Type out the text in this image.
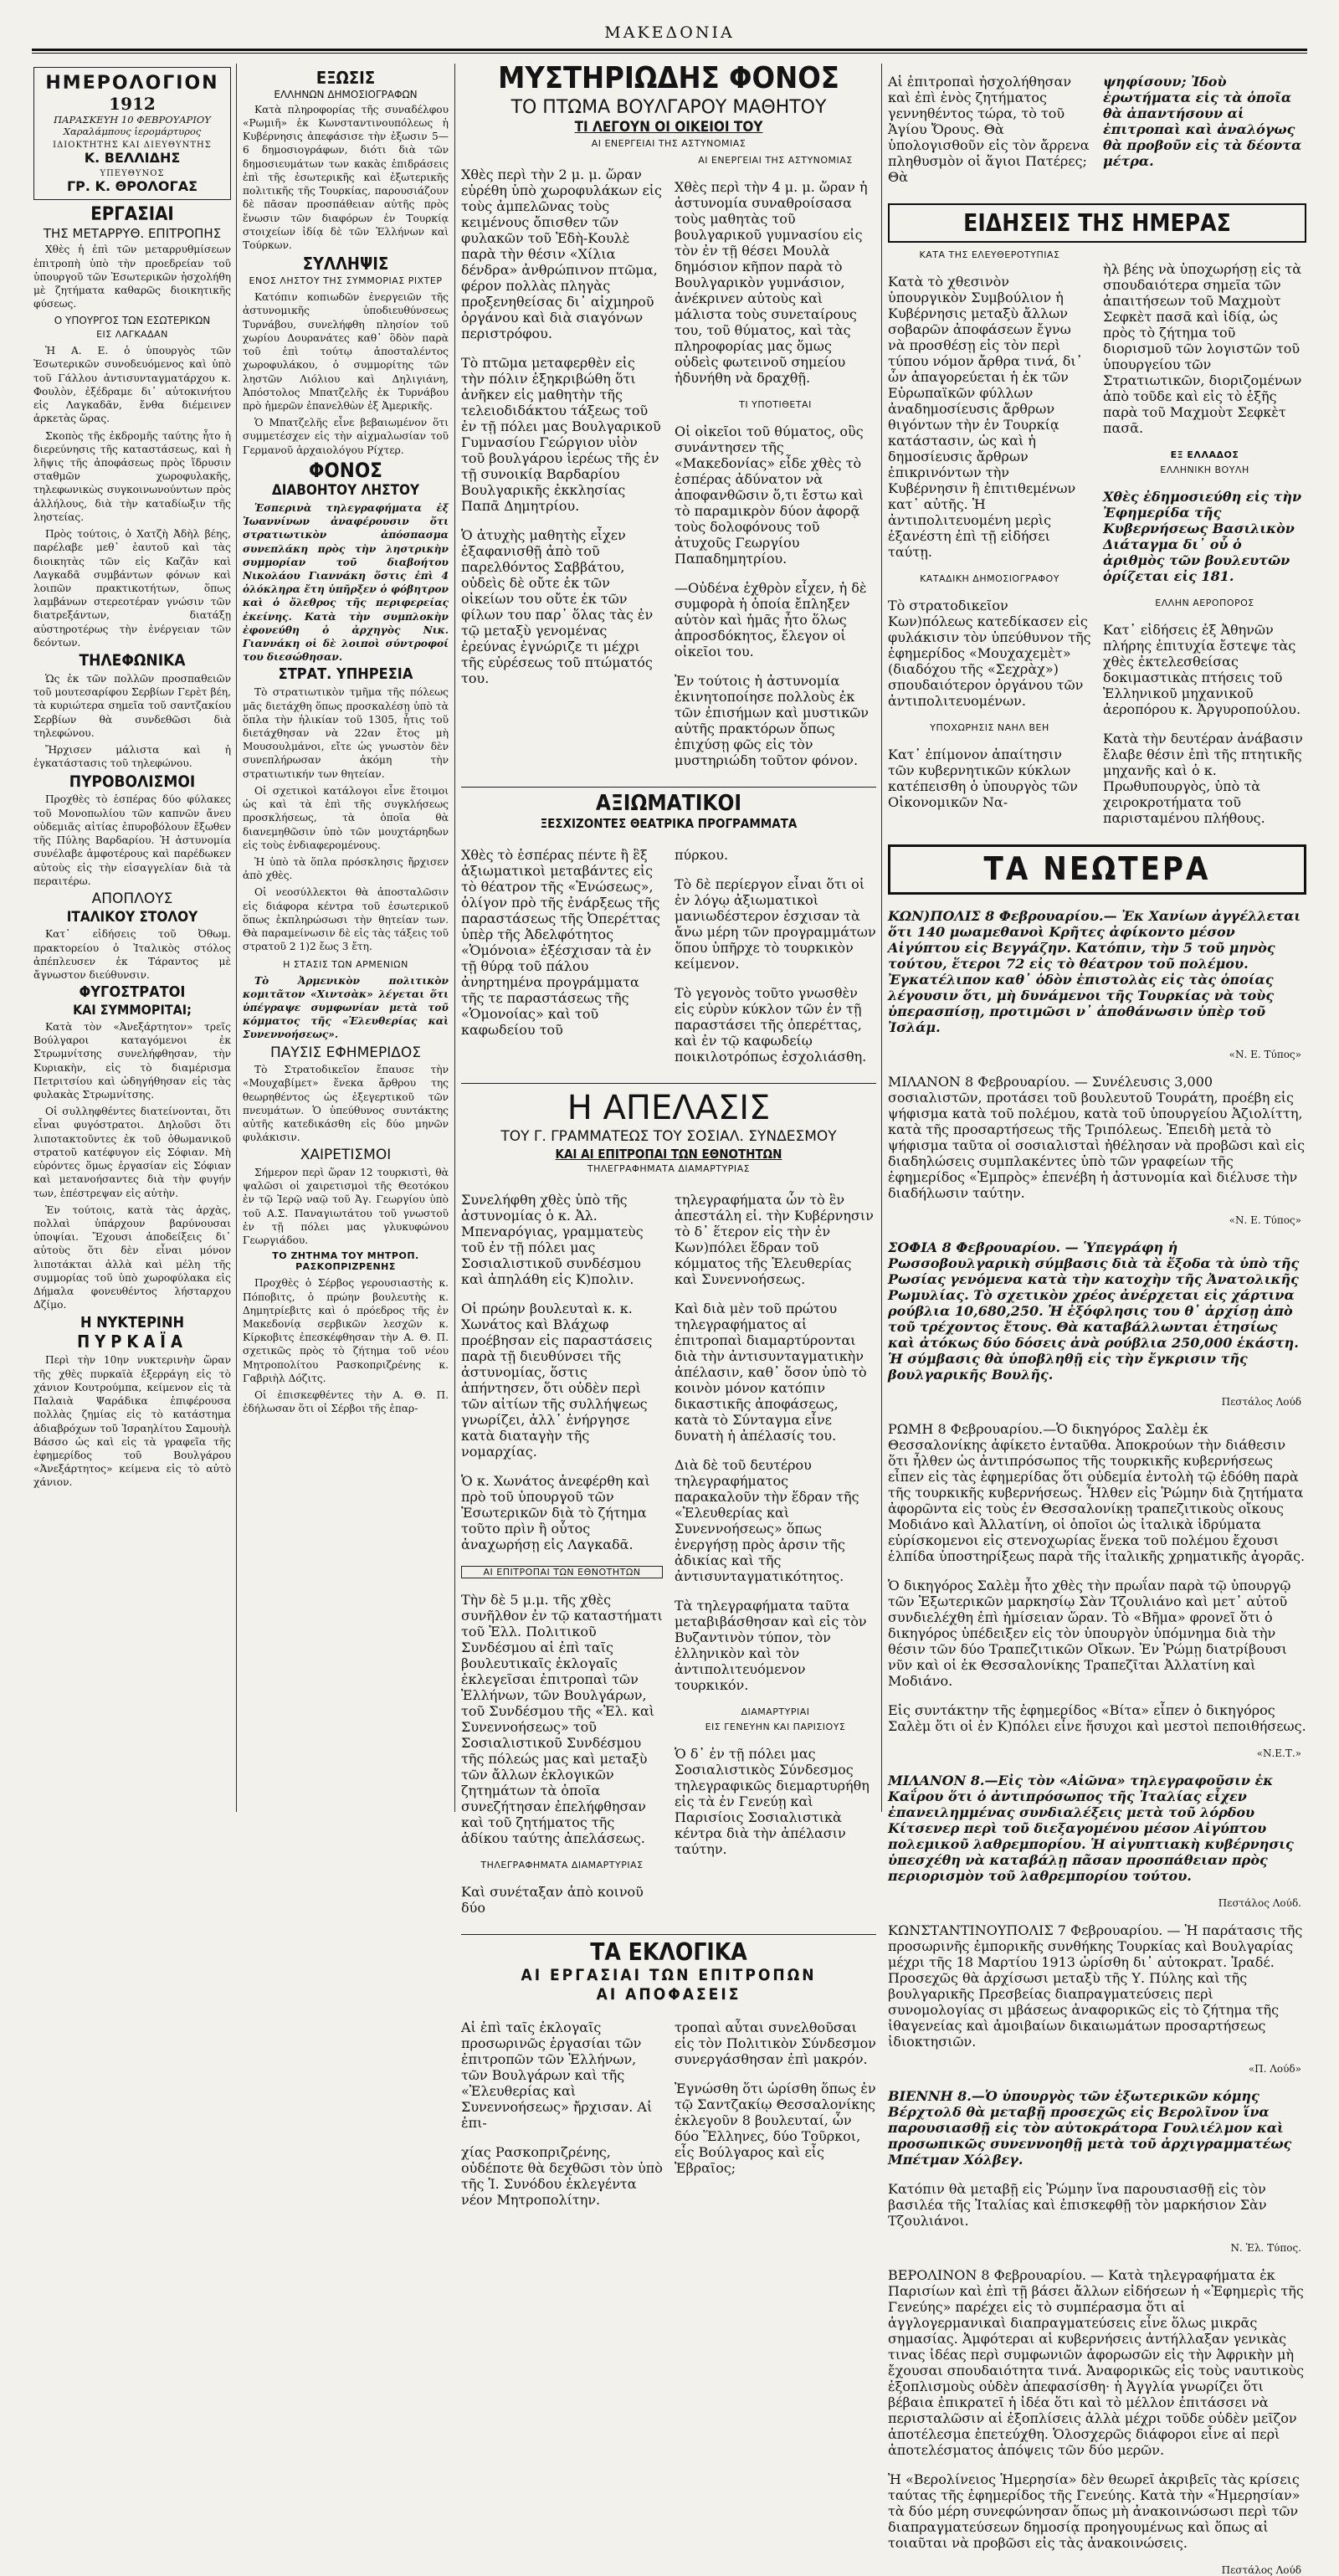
ΜΑΚΕΔΟΝΙΑ
ΗΜΕΡΟΛΟΓΙΟΝ
1912
ΠΑΡΑΣΚΕΥΗ 10 ΦΕΒΡΟΥΑΡΙΟΥ
Χαραλάμπους ἱερομάρτυρος
ΙΔΙΟΚΤΗΤΗΣ ΚΑΙ ΔΙΕΥΘΥΝΤΗΣ
Κ. ΒΕΛΛΙΔΗΣ
ΥΠΕΥΘΥΝΟΣ
ΓΡ. Κ. ΘΡΟΛΟΓΑΣ
ΕΡΓΑΣΙΑΙ
ΤΗΣ ΜΕΤΑΡΡΥΘ. ΕΠΙΤΡΟΠΗΣ

Χθὲς ἡ ἐπὶ τῶν μεταρρυθμίσεων ἐπιτροπὴ ὑπὸ τὴν προεδρείαν τοῦ ὑπουργοῦ τῶν Ἐσωτερικῶν ἠσχολήθη μὲ ζητήματα καθαρῶς διοικητικῆς φύσεως.

Ο ΥΠΟΥΡΓΟΣ ΤΩΝ ΕΣΩΤΕΡΙΚΩΝ
ΕΙΣ ΛΑΓΚΑΔΑΝ

Ἡ Α. Ε. ὁ ὑπουργὸς τῶν Ἐσωτερικῶν συνοδευόμενος καὶ ὑπὸ τοῦ Γάλλου ἀντισυνταγματάρχου κ. Φουλὸν, ἐξέδραμε δι᾽ αὐτοκινήτου εἰς Λαγκαδᾶν, ἔνθα διέμεινεν ἀρκετὰς ὥρας.

Σκοπὸς τῆς ἐκδρομῆς ταύτης ἦτο ἡ διερεύνησις τῆς καταστάσεως, καὶ ἡ λῆψις τῆς ἀποφάσεως πρὸς ἵδρυσιν σταθμῶν χωροφυλακῆς, τηλεφωνικὼς συγκοινωνούντων πρὸς ἀλλήλους, διὰ τὴν καταδίωξιν τῆς ληστείας.

Πρὸς τούτοις, ὁ Χατζὴ Ἀδὴλ βέης, παρέλαβε μεθ᾽ ἑαυτοῦ καὶ τὰς διοικητὰς τῶν εἰς Καζᾶν καὶ Λαγκαδᾶ συμβάντων φόνων καὶ λοιπῶν πρακτικοτήτων, ὅπως λαμβάνων στερεοτέραν γνώσιν τῶν διατρεξάντων, διατάξῃ αὐστηροτέρως τὴν ἐνέργειαν τῶν δεόντων.

ΤΗΛΕΦΩΝΙΚΑ

Ὡς ἐκ τῶν πολλῶν προσπαθειῶν τοῦ μουτεσαρίφου Σερβίων Γερὲτ βέη, τὰ κυριώτερα σημεῖα τοῦ σαντζακίου Σερβίων θὰ συνδεθῶσι διὰ τηλεφώνου.

Ἤρχισεν μάλιστα καὶ ἡ ἐγκατάστασις τοῦ τηλεφώνου.

ΠΥΡΟΒΟΛΙΣΜΟΙ

Προχθὲς τὸ ἑσπέρας δύο φύλακες τοῦ Μονοπωλίου τῶν καπνῶν ἄνευ οὐδεμιᾶς αἰτίας ἐπυροβόλουν ἔξωθεν τῆς Πύλης Βαρδαρίου. Ἡ ἀστυνομία συνέλαβε ἀμφοτέρους καὶ παρέδωκεν αὐτοὺς εἰς τὴν εἰσαγγελίαν διὰ τὰ περαιτέρω.

ΑΠΟΠΛΟΥΣ
ΙΤΑΛΙΚΟΥ ΣΤΟΛΟΥ

Κατ᾽ εἰδήσεις τοῦ Ὀθωμ. πρακτορείου ὁ Ἰταλικὸς στόλος ἀπέπλευσεν ἐκ Τάραντος μὲ ἄγνωστον διεύθυνσιν.

ΦΥΓΟΣΤΡΑΤΟΙ
ΚΑΙ ΣΥΜΜΟΡΙΤΑΙ;

Κατὰ τὸν «Ἀνεξάρτητον» τρεῖς Βούλγαροι καταγόμενοι ἐκ Στρωμνίτσης συνελήφθησαν, τὴν Κυριακὴν, εἰς τὸ διαμέρισμα Πετριτσίου καὶ ὡδηγήθησαν εἰς τὰς φυλακὰς Στρωμνίτσης.

Οἱ συλληφθέντες διατείνονται, ὅτι εἶναι φυγόστρατοι. Δηλοῦσι ὅτι λιποτακτοῦντες ἐκ τοῦ ὀθωμανικοῦ στρατοῦ κατέφυγον εἰς Σόφιαν. Μὴ εὑρόντες ὅμως ἐργασίαν εἰς Σόφιαν καὶ μετανοήσαντες διὰ τὴν φυγήν των, ἐπέστρεψαν εἰς αὐτὴν.

Ἐν τούτοις, κατὰ τὰς ἀρχὰς, πολλαὶ ὑπάρχουν βαρύνουσαι ὑποψίαι. Ἔχουσι ἀποδείξεις δι᾽ αὐτοὺς ὅτι δὲν εἶναι μόνον λιποτάκται ἀλλὰ καὶ μέλη τῆς συμμορίας τοῦ ὑπὸ χωροφύλακα εἰς Δήμαλα φονευθέντος λήσταρχου Δζίμο.

Η ΝΥΚΤΕΡΙΝΗ
ΠΥΡΚΑΪΑ

Περὶ τὴν 10ην νυκτερινὴν ὥραν τῆς χθὲς πυρκαϊὰ ἐξερράγη εἰς τὸ χάνιον Κουτρούμπα, κείμενον εἰς τὰ Παλαιὰ Ψαράδικα ἐπιφέρουσα πολλὰς ζημίας εἰς τὸ κατάστημα ἀδιαβρόχων τοῦ Ἰσραηλίτου Σαμουὴλ Βάσσο ὡς καὶ εἰς τὰ γραφεῖα τῆς ἐφημερίδος τοῦ Βουλγάρου «Ἀνεξάρτητος» κείμενα εἰς τὸ αὐτὸ χάνιον.

ΕΞΩΣΙΣ
ΕΛΛΗΝΩΝ ΔΗΜΟΣΙΟΓΡΑΦΩΝ

Κατὰ πληροφορίας τῆς συναδέλφου «Ρωμιῆ» ἐκ Κωνσταντινουπόλεως ἡ Κυβέρνησις ἀπεφάσισε τὴν ἐξωσιν 5—6 δημοσιογράφων, διότι διὰ τῶν δημοσιευμάτων των κακὰς ἐπιδράσεις ἐπὶ τῆς ἐσωτερικῆς καὶ ἐξωτερικῆς πολιτικῆς τῆς Τουρκίας, παρουσιάζουν δὲ πᾶσαν προσπάθειαν αὐτῆς πρὸς ἕνωσιν τῶν διαφόρων ἐν Τουρκίᾳ στοιχείων ἰδίᾳ δὲ τῶν Ἑλλήνων καὶ Τούρκων.

ΣΥΛΛΗΨΙΣ
ΕΝΟΣ ΛΗΣΤΟΥ ΤΗΣ ΣΥΜΜΟΡΙΑΣ ΡΙΧΤΕΡ

Κατόπιν κοπιωδῶν ἐνεργειῶν τῆς ἀστυνομικῆς ὑποδιευθύνσεως Τυρνάβου, συνελήφθη πλησίον τοῦ χωρίου Δουρανάτες καθ᾽ ὃδὸν παρὰ τοῦ ἐπὶ τούτῳ ἀποσταλέντος χωροφυλάκου, ὁ συμμορίτης τῶν ληστῶν Λιόλιου καὶ Δηλιγιάνη, Ἀπόστολος Μπατζελῆς ἐκ Τυρνάβου πρὸ ἡμερῶν ἐπανελθὼν ἐξ Ἀμερικῆς.

Ὁ Μπατζελῆς εἶνε βεβαιωμένον ὅτι συμμετέσχεν εἰς τὴν αἰχμαλωσίαν τοῦ Γερμανοῦ ἀρχαιολόγου Ρίχτερ.

ΦΟΝΟΣ
ΔΙΑΒΟΗΤΟΥ ΛΗΣΤΟΥ

Ἑσπερινὰ τηλεγραφήματα ἐξ Ἰωαννίνων ἀναφέρουσιν ὅτι στρατιωτικὸν ἀπόσπασμα συνεπλάκη πρὸς τὴν ληστρικὴν συμμορίαν τοῦ διαβοήτου Νικολάου Γιαννάκη ὅστις ἐπὶ 4 ὁλόκληρα ἔτη ὑπῆρξεν ὁ φόβητρον καὶ ὁ ὄλεθρος τῆς περιφερείας ἐκείνης. Κατὰ τὴν συμπλοκὴν ἐφονεύθη ὁ ἀρχηγὸς Νικ. Γιαννάκη οἱ δὲ λοιποὶ σύντροφοί του διεσώθησαν.

ΣΤΡΑΤ. ΥΠΗΡΕΣΙΑ

Τὸ στρατιωτικὸν τμῆμα τῆς πόλεως μᾶς διετάχθη ὅπως προσκαλέσῃ ὑπὸ τὰ ὅπλα τὴν ἡλικίαν τοῦ 1305, ἧτις τοῦ διετάχθησαν νὰ 22αν ἔτος μὴ Μουσουλμάνοι, εἴτε ὡς γνωστὸν δὲν συνεπλήρωσαν ἀκόμη τὴν στρατιωτικήν των θητείαν.

Οἱ σχετικοὶ κατάλογοι εἶνε ἕτοιμοι ὡς καὶ τὰ ἐπὶ τῆς συγκλήσεως προσκλήσεως, τὰ ὁποῖα θὰ διανεμηθῶσιν ὑπὸ τῶν μουχτάρηδων εἰς τοὺς ἐνδιαφερομένους.

Ἡ ὑπὸ τὰ ὅπλα πρόσκλησις ἤρχισεν ἀπὸ χθὲς.

Οἱ νεοσύλλεκτοι θὰ ἀποσταλῶσιν εἰς διάφορα κέντρα τοῦ ἐσωτερικοῦ ὅπως ἐκπληρώσωσι τὴν θητείαν των. Θὰ παραμείνωσιν δὲ εἰς τὰς τάξεις τοῦ στρατοῦ 2 1)2 ἔως 3 ἔτη.

Η ΣΤΑΣΙΣ ΤΩΝ ΑΡΜΕΝΙΩΝ

Τὸ Ἀρμενικὸν πολιτικὸν κομιτᾶτον «Χιντσὰκ» λέγεται ὅτι ὑπέγραψε συμφωνίαν μετὰ τοῦ κόμματος τῆς «Ἐλευθερίας καὶ Συνεννοήσεως».

ΠΑΥΣΙΣ ΕΦΗΜΕΡΙΔΟΣ

Τὸ Στρατοδικεῖον ἔπαυσε τὴν «Μουχαβίμετ» ἕνεκα ἄρθρου της θεωρηθέντος ὡς ἐξεγερτικοῦ τῶν πνευμάτων. Ὁ ὑπεύθυνος συντάκτης αὐτῆς κατεδικάσθη εἰς δύο μηνῶν φυλάκισιν.

ΧΑΙΡΕΤΙΣΜΟΙ

Σήμερον περὶ ὥραν 12 τουρκιστὶ, θὰ ψαλῶσι οἱ χαιρετισμοὶ τῆς Θεοτόκου ἐν τῷ Ἱερῷ ναῷ τοῦ Ἀγ. Γεωργίου ὑπὸ τοῦ Α.Σ. Παναγιωτάτου τοῦ γνωστοῦ ἐν τῇ πόλει μας γλυκυφώνου Γεωργιάδου.

ΤΟ ΖΗΤΗΜΑ ΤΟΥ ΜΗΤΡΟΠ. ΡΑΣΚΟΠΡΙΖΡΕΝΗΣ

Προχθὲς ὁ Σέρβος γερουσιαστὴς κ. Πόποβιτς, ὁ πρώην βουλευτὴς κ. Δημητρίεβιτς καὶ ὁ πρόεδρος τῆς ἐν Μακεδονίᾳ σερβικῶν λεσχῶν κ. Κίρκοβιτς ἐπεσκέφθησαν τὴν Α. Θ. Π. σχετικῶς πρὸς τὸ ζήτημα τοῦ νέου Μητροπολίτου Ρασκοπριζρένης κ. Γαβριὴλ Δόζιτς.

Οἱ ἐπισκεφθέντες τὴν Α. Θ. Π. ἐδήλωσαν ὅτι οἱ Σέρβοι τῆς ἐπαρ-

ΜΥΣΤΗΡΙΩΔΗΣ ΦΟΝΟΣ
ΤΟ ΠΤΩΜΑ ΒΟΥΛΓΑΡΟΥ ΜΑΘΗΤΟΥ
ΤΙ ΛΕΓΟΥΝ ΟΙ ΟΙΚΕΙΟΙ ΤΟΥ
ΑΙ ΕΝΕΡΓΕΙΑΙ ΤΗΣ ΑΣΤΥΝΟΜΙΑΣ

Χθὲς περὶ τὴν 2 μ. μ. ὥραν εὑρέθη ὑπὸ χωροφυλάκων εἰς τοὺς ἀμπελῶνας τοὺς κειμένους ὄπισθεν τῶν φυλακῶν τοῦ Ἐδὴ-Κουλὲ παρὰ τὴν θέσιν «Χίλια δένδρα» ἀνθρώπινον πτῶμα, φέρον πολλὰς πληγὰς προξενηθείσας δι᾽ αἰχμηροῦ ὀργάνου καὶ διὰ σιαγόνων περιστρόφου.

Τὸ πτῶμα μεταφερθὲν εἰς τὴν πόλιν ἐξηκριβώθη ὅτι ἀνῆκεν εἰς μαθητὴν τῆς τελειοδιδάκτου τάξεως τοῦ ἐν τῇ πόλει μας Βουλγαρικοῦ Γυμνασίου Γεώργιον υἱὸν τοῦ βουλγάρου ἱερέως τῆς ἐν τῇ συνοικίᾳ Βαρδαρίου Βουλγαρικῆς ἐκκλησίας Παπᾶ Δημητρίου.

Ὁ ἀτυχὴς μαθητὴς εἶχεν ἐξαφανισθῇ ἀπὸ τοῦ παρελθόντος Σαββάτου, οὐδεὶς δὲ οὔτε ἐκ τῶν οἰκείων του οὔτε ἐκ τῶν φίλων του παρ᾽ ὅλας τὰς ἐν τῷ μεταξὺ γενομένας ἐρεύνας ἐγνώριζε τι μέχρι τῆς εὑρέσεως τοῦ πτώματός του.

ΑΙ ΕΝΕΡΓΕΙΑΙ ΤΗΣ ΑΣΤΥΝΟΜΙΑΣ

Χθὲς περὶ τὴν 4 μ. μ. ὥραν ἡ ἀστυνομία συναθροίσασα τοὺς μαθητὰς τοῦ βουλγαρικοῦ γυμνασίου εἰς τὸν ἐν τῇ θέσει Μουλὰ δημόσιον κῆπον παρὰ τὸ Βουλγαρικὸν γυμνάσιον, ἀνέκρινεν αὐτοὺς καὶ μάλιστα τοὺς συνεταίρους του, τοῦ θύματος, καὶ τὰς πληροφορίας μας ὅμως οὐδεὶς φωτεινοῦ σημείου ἠδυνήθη νὰ δραχθῇ.

ΤΙ ΥΠΟΤΙΘΕΤΑΙ

Οἱ οἰκεῖοι τοῦ θύματος, οὓς συνάντησεν τῆς «Μακεδονίας» εἶδε χθὲς τὸ ἑσπέρας ἀδύνατον νὰ ἀποφανθῶσιν ὅ,τι ἔστω καὶ τὸ παραμικρὸν δύον ἀφορᾷ τοὺς δολοφόνους τοῦ ἀτυχοῦς Γεωργίου Παπαδημητρίου.

—Οὐδένα ἐχθρὸν εἶχεν, ἡ δὲ συμφορὰ ἡ ὁποία ἔπληξεν αὐτὸν καὶ ἡμᾶς ἦτο ὅλως ἀπροσδόκητος, ἔλεγον οἱ οἰκεῖοι του.

Ἐν τούτοις ἡ ἀστυνομία ἐκινητοποίησε πολλοὺς ἐκ τῶν ἐπισήμων καὶ μυστικῶν αὐτῆς πρακτόρων ὅπως ἐπιχύσῃ φῶς εἰς τὸν μυστηριώδη τοῦτον φόνον.

ΑΞΙΩΜΑΤΙΚΟΙ
ΞΕΣΧΙΖΟΝΤΕΣ ΘΕΑΤΡΙΚΑ ΠΡΟΓΡΑΜΜΑΤΑ

Χθὲς τὸ ἑσπέρας πέντε ἢ ἓξ ἀξιωματικοὶ μεταβάντες εἰς τὸ θέατρον τῆς «Ἑνώσεως», ὀλίγον πρὸ τῆς ἐνάρξεως τῆς παραστάσεως τῆς Ὀπερέττας ὑπὲρ τῆς Ἀδελφότητος «Ὁμόνοια» ἐξέσχισαν τὰ ἐν τῇ θύρᾳ τοῦ πάλου ἀνηρτημένα προγράμματα τῆς τε παραστάσεως τῆς «Ὁμονοίας» καὶ τοῦ καφωδείου τοῦ

πύρκου.

Τὸ δὲ περίεργον εἶναι ὅτι οἱ ἐν λόγῳ ἀξιωματικοὶ μανιωδέστερον ἐσχισαν τὰ ἄνω μέρη τῶν προγραμμάτων ὅπου ὑπῆρχε τὸ τουρκικὸν κείμενον.

Τὸ γεγονὸς τοῦτο γνωσθὲν εἰς εὐρὺν κύκλον τῶν ἐν τῇ παραστάσει τῆς ὀπερέττας, καὶ ἐν τῷ καφωδείῳ ποικιλοτρόπως ἐσχολιάσθη.

Η ΑΠΕΛΑΣΙΣ
ΤΟΥ Γ. ΓΡΑΜΜΑΤΕΩΣ ΤΟΥ ΣΟΣΙΑΛ. ΣΥΝΔΕΣΜΟΥ
ΚΑΙ ΑΙ ΕΠΙΤΡΟΠΑΙ ΤΩΝ ΕΘΝΟΤΗΤΩΝ
ΤΗΛΕΓΡΑΦΗΜΑΤΑ ΔΙΑΜΑΡΤΥΡΙΑΣ

Συνελήφθη χθὲς ὑπὸ τῆς ἀστυνομίας ὁ κ. Ἀλ. Μπεναρόγιας, γραμματεὺς τοῦ ἐν τῇ πόλει μας Σοσιαλιστικοῦ συνδέσμου καὶ ἀπηλάθη εἰς Κ)πολιν.

Οἱ πρώην βουλευταὶ κ. κ. Χωνάτος καὶ Βλάχωφ προέβησαν εἰς παραστάσεις παρὰ τῇ διευθύνσει τῆς ἀστυνομίας, ὅστις ἀπήντησεν, ὅτι οὐδὲν περὶ τῶν αἰτίων τῆς συλλήψεως γνωρίζει, ἀλλ᾽ ἐνήργησε κατὰ διαταγὴν τῆς νομαρχίας.

Ὁ κ. Χωνάτος ἀνεφέρθη καὶ πρὸ τοῦ ὑπουργοῦ τῶν Ἐσωτερικῶν διὰ τὸ ζήτημα τοῦτο πρὶν ἢ οὗτος ἀναχωρήσῃ εἰς Λαγκαδᾶ.

ΑΙ ΕΠΙΤΡΟΠΑΙ ΤΩΝ ΕΘΝΟΤΗΤΩΝ

Τὴν δὲ 5 μ.μ. τῆς χθὲς συνῆλθον ἐν τῷ καταστήματι τοῦ Ἑλλ. Πολιτικοῦ Συνδέσμου αἱ ἐπὶ ταῖς βουλευτικαῖς ἐκλογαῖς ἐκλεγεῖσαι ἐπιτροπαὶ τῶν Ἑλλήνων, τῶν Βουλγάρων, τοῦ Συνδέσμου τῆς «Ἐλ. καὶ Συνεννοήσεως» τοῦ Σοσιαλιστικοῦ Συνδέσμου τῆς πόλεώς μας καὶ μεταξὺ τῶν ἄλλων ἐκλογικῶν ζητημάτων τὰ ὁποῖα συνεζήτησαν ἐπελήφθησαν καὶ τοῦ ζητήματος τῆς ἀδίκου ταύτης ἀπελάσεως.

ΤΗΛΕΓΡΑΦΗΜΑΤΑ ΔΙΑΜΑΡΤΥΡΙΑΣ

Καὶ συνέταξαν ἀπὸ κοινοῦ δύο

τηλεγραφήματα ὧν τὸ ἓν ἀπεστάλη εἰ. τὴν Κυβέρνησιν τὸ δ᾽ ἕτερον εἰς τὴν ἐν Κων)πόλει ἕδραν τοῦ κόμματος τῆς Ἐλευθερίας καὶ Συνεννοήσεως.

Καὶ διὰ μὲν τοῦ πρώτου τηλεγραφήματος αἱ ἐπιτροπαὶ διαμαρτύρονται διὰ τὴν ἀντισυνταγματικὴν ἀπέλασιν, καθ᾽ ὅσον ὑπὸ τὸ κοινὸν μόνον κατόπιν δικαστικῆς ἀποφάσεως, κατὰ τὸ Σύνταγμα εἶνε δυνατὴ ἡ ἀπέλασίς του.

Διὰ δὲ τοῦ δευτέρου τηλεγραφήματος παρακαλοῦν τὴν ἕδραν τῆς «Ἐλευθερίας καὶ Συνεννοήσεως» ὅπως ἐνεργήσῃ πρὸς ἀρσιν τῆς ἀδικίας καὶ τῆς ἀντισυνταγματικότητος.

Τὰ τηλεγραφήματα ταῦτα μεταβιβάσθησαν καὶ εἰς τὸν Βυζαντινὸν τύπον, τὸν ἑλληνικὸν καὶ τὸν ἀντιπολιτευόμενον τουρκικόν.

ΔΙΑΜΑΡΤΥΡΙΑΙ
ΕΙΣ ΓΕΝΕΥΗΝ ΚΑΙ ΠΑΡΙΣΙΟΥΣ

Ὁ δ᾽ ἐν τῇ πόλει μας Σοσιαλιστικὸς Σύνδεσμος τηλεγραφικῶς διεμαρτυρήθη εἰς τὰ ἐν Γενεύῃ καὶ Παρισίοις Σοσιαλιστικὰ κέντρα διὰ τὴν ἀπέλασιν ταύτην.

ΤΑ ΕΚΛΟΓΙΚΑ
ΑΙ ΕΡΓΑΣΙΑΙ ΤΩΝ ΕΠΙΤΡΟΠΩΝ
ΑΙ ΑΠΟΦΑΣΕΙΣ

Αἱ ἐπὶ ταῖς ἐκλογαῖς προσωρινῶς ἐργασίαι τῶν ἐπιτροπῶν τῶν Ἑλλήνων, τῶν Βουλγάρων καὶ τῆς «Ἐλευθερίας καὶ Συνεννοήσεως» ἤρχισαν. Αἱ ἐπι-

χίας Ρασκοπριζρένης, οὐδέποτε θὰ δεχθῶσι τὸν ὑπὸ τῆς Ἱ. Συνόδου ἐκλεγέντα νέον Μητροπολίτην.

τροπαὶ αὗται συνελθοῦσαι εἰς τὸν Πολιτικὸν Σύνδεσμον συνεργάσθησαν ἐπὶ μακρόν.

Ἐγνώσθη ὅτι ὡρίσθη ὅπως ἐν τῷ Σαντζακίῳ Θεσσαλονίκης ἐκλεγοῦν 8 βουλευταί, ὧν δύο Ἕλληνες, δύο Τοῦρκοι, εἷς Βούλγαρος καὶ εἷς Ἑβραῖος;

Αἱ ἐπιτροπαὶ ἠσχολήθησαν καὶ ἐπὶ ἑνὸς ζητήματος γεννηθέντος τώρα, τὸ τοῦ Ἁγίου Ὄρους. Θὰ ὑπολογισθοῦν εἰς τὸν ἄρρενα πληθυσμὸν οἱ ἅγιοι Πατέρες; Θὰ

ψηφίσουν; Ἰδοὺ ἐρωτήματα εἰς τὰ ὁποῖα θὰ ἀπαντήσουν αἱ ἐπιτροπαὶ καὶ ἀναλόγως θὰ προβοῦν εἰς τὰ δέοντα μέτρα.

ΕΙΔΗΣΕΙΣ ΤΗΣ ΗΜΕΡΑΣ
ΚΑΤΑ ΤΗΣ ΕΛΕΥΘΕΡΟΤΥΠΙΑΣ

Κατὰ τὸ χθεσινὸν ὑπουργικὸν Συμβούλιον ἡ Κυβέρνησις μεταξὺ ἄλλων σοβαρῶν ἀποφάσεων ἔγνω νὰ προσθέσῃ εἰς τὸν περὶ τύπου νόμον ἄρθρα τινά, δι᾽ ὧν ἀπαγορεύεται ἡ ἐκ τῶν Εὐρωπαϊκῶν φύλλων ἀναδημοσίευσις ἄρθρων θιγόντων τὴν ἐν Τουρκίᾳ κατάστασιν, ὡς καὶ ἡ δημοσίευσις ἄρθρων ἐπικρινόντων τὴν Κυβέρνησιν ἢ ἐπιτιθεμένων κατ᾽ αὐτῆς. Ἡ ἀντιπολιτευομένη μερὶς ἐξανέστη ἐπὶ τῇ εἰδήσει ταύτῃ.

ΚΑΤΑΔΙΚΗ ΔΗΜΟΣΙΟΓΡΑΦΟΥ

Τὸ στρατοδικεῖον Κων)πόλεως κατεδίκασεν εἰς φυλάκισιν τὸν ὑπεύθυνον τῆς ἐφημερίδος «Μουχαχεμὲτ» (διαδόχου τῆς «Σεχρὰχ») σπουδαιότερον ὀργάνου τῶν ἀντιπολιτευομένων.

ΥΠΟΧΩΡΗΣΙΣ ΝΑΗΛ ΒΕΗ

Κατ᾽ ἐπίμονον ἀπαίτησιν τῶν κυβερνητικῶν κύκλων κατέπεισθη ὁ ὑπουργὸς τῶν Οἰκονομικῶν Να-

ὴλ βέης νὰ ὑποχωρήσῃ εἰς τὰ σπουδαιότερα σημεῖα τῶν ἀπαιτήσεων τοῦ Μαχμοὺτ Σεφκὲτ πασᾶ καὶ ἰδίᾳ, ὡς πρὸς τὸ ζήτημα τοῦ διορισμοῦ τῶν λογιστῶν τοῦ ὑπουργείου τῶν Στρατιωτικῶν, διοριζομένων ἀπὸ τοῦδε καὶ εἰς τὸ ἑξῆς παρὰ τοῦ Μαχμοὺτ Σεφκὲτ πασᾶ.

ΕΞ ΕΛΛΑΔΟΣ
ΕΛΛΗΝΙΚΗ ΒΟΥΛΗ

Χθὲς ἐδημοσιεύθη εἰς τὴν Ἐφημερίδα τῆς Κυβερνήσεως Βασιλικὸν Διάταγμα δι᾽ οὗ ὁ ἀριθμὸς τῶν βουλευτῶν ὁρίζεται εἰς 181.

ΕΛΛΗΝ ΑΕΡΟΠΟΡΟΣ

Κατ᾽ εἰδήσεις ἐξ Ἀθηνῶν πλήρης ἐπιτυχία ἔστεψε τὰς χθὲς ἐκτελεσθείσας δοκιμαστικὰς πτήσεις τοῦ Ἑλληνικοῦ μηχανικοῦ ἀεροπόρου κ. Ἀργυροπούλου.

Κατὰ τὴν δευτέραν ἀνάβασιν ἔλαβε θέσιν ἐπὶ τῆς πτητικῆς μηχανῆς καὶ ὁ κ. Πρωθυπουργὸς, ὑπὸ τὰ χειροκροτήματα τοῦ παρισταμένου πλήθους.

ΤΑ ΝΕΩΤΕΡΑ

ΚΩΝ)ΠΟΛΙΣ 8 Φεβρουαρίου.— Ἐκ Χανίων ἀγγέλλεται ὅτι 140 μωαμεθανοὶ Κρῆτες ἀφίκοντο μέσον Αἰγύπτου εἰς Βεγγάζην. Κατόπιν, τὴν 5 τοῦ μηνὸς τούτου, ἕτεροι 72 εἰς τὸ θέατρον τοῦ πολέμου. Ἐγκατέλιπον καθ᾽ ὁδὸν ἐπιστολὰς εἰς τὰς ὁποίας λέγουσιν ὅτι, μὴ δυνάμενοι τῆς Τουρκίας νὰ τοὺς ὑπερασπίσῃ, προτιμῶσι ν᾽ ἀποθάνωσιν ὑπὲρ τοῦ Ἰσλάμ.

«Ν. Ε. Τύπος»

ΜΙΛΑΝΟΝ 8 Φεβρουαρίου. — Συνέλευσις 3,000 σοσιαλιστῶν, προτάσει τοῦ βουλευτοῦ Τουράτη, προέβη εἰς ψήφισμα κατὰ τοῦ πολέμου, κατὰ τοῦ ὑπουργείου Ἀζιολίττη, κατὰ τῆς προσαρτήσεως τῆς Τριπόλεως. Ἐπειδὴ μετὰ τὸ ψήφισμα ταῦτα οἱ σοσιαλισταὶ ἠθέλησαν νὰ προβῶσι καὶ εἰς διαδηλώσεις συμπλακέντες ὑπὸ τῶν γραφείων τῆς ἐφημερίδος «Ἐμπρὸς» ἐπενέβη ἡ ἀστυνομία καὶ διέλυσε τὴν διαδήλωσιν ταύτην.

«Ν. Ε. Τύπος»

ΣΟΦΙΑ 8 Φεβρουαρίου. — Ὑπεγράφη ἡ Ρωσσοβουλγαρικὴ σύμβασις διὰ τὰ ἔξοδα τὰ ὑπὸ τῆς Ρωσίας γενόμενα κατὰ τὴν κατοχὴν τῆς Ἀνατολικῆς Ρωμυλίας. Τὸ σχετικὸν χρέος ἀνέρχεται εἰς χάρτινα ρούβλια 10,680,250. Ἡ ἐξόφλησις του θ᾽ ἀρχίσῃ ἀπὸ τοῦ τρέχοντος ἔτους. Θὰ καταβάλλωνται ἐτησίως καὶ ἀτόκως δύο δόσεις ἀνὰ ρούβλια 250,000 ἑκάστη. Ἡ σύμβασις θὰ ὑποβληθῇ εἰς τὴν ἔγκρισιν τῆς βουλγαρικῆς Βουλῆς.

Πεστάλος Λούδ

ΡΩΜΗ 8 Φεβρουαρίου.—Ὁ δικηγόρος Σαλὲμ ἐκ Θεσσαλονίκης ἀφίκετο ἐνταῦθα. Ἀποκρούων τὴν διάθεσιν ὅτι ἦλθεν ὡς ἀντιπρόσωπος τῆς τουρκικῆς κυβερνήσεως εἶπεν εἰς τὰς ἐφημερίδας ὅτι οὐδεμία ἐντολὴ τῷ ἐδόθη παρὰ τῆς τουρκικῆς κυβερνήσεως. Ἦλθεν εἰς Ῥώμην διὰ ζητήματα ἀφορῶντα εἰς τοὺς ἐν Θεσσαλονίκῃ τραπεζιτικοὺς οἴκους Μοδιάνο καὶ Ἀλλατίνη, οἱ ὁποῖοι ὡς ἰταλικὰ ἱδρύματα εὑρίσκομενοι εἰς στενοχωρίας ἕνεκα τοῦ πολέμου ἔχουσι ἐλπίδα ὑποστηρίξεως παρὰ τῆς ἰταλικῆς χρηματικῆς ἀγορᾶς.

Ὁ δικηγόρος Σαλὲμ ἦτο χθὲς τὴν πρωΐαν παρὰ τῷ ὑπουργῷ τῶν Ἐξωτερικῶν μαρκησίῳ Σὰν Τζουλιάνο καὶ μετ᾽ αὐτοῦ συνδιελέχθη ἐπὶ ἡμίσειαν ὥραν. Τὸ «Βῆμα» φρονεῖ ὅτι ὁ δικηγόρος ὑπέδειξεν εἰς τὸν ὑπουργὸν ὑπόμνημα διὰ τὴν θέσιν τῶν δύο Τραπεζιτικῶν Οἴκων. Ἐν Ῥώμῃ διατρίβουσι νῦν καὶ οἱ ἐκ Θεσσαλονίκης Τραπεζῖται Ἀλλατίνη καὶ Μοδιάνο.

Εἰς συντάκτην τῆς ἐφημερίδος «Βίτα» εἶπεν ὁ δικηγόρος Σαλὲμ ὅτι οἱ ἐν Κ)πόλει εἶνε ἥσυχοι καὶ μεστοὶ πεποιθήσεως.

«Ν.Ε.Τ.»

ΜΙΛΑΝΟΝ 8.—Εἰς τὸν «Αἰῶνα» τηλεγραφοῦσιν ἐκ Καΐρου ὅτι ὁ ἀντιπρόσωπος τῆς Ἰταλίας εἶχεν ἐπανειλημμένας συνδιαλέξεις μετὰ τοῦ λόρδου Κίτσενερ περὶ τοῦ διεξαγομένου μέσον Αἰγύπτου πολεμικοῦ λαθρεμπορίου. Ἡ αἰγυπτιακὴ κυβέρνησις ὑπεσχέθη νὰ καταβάλῃ πᾶσαν προσπάθειαν πρὸς περιορισμὸν τοῦ λαθρεμπορίου τούτου.

Πεστάλος Λούδ.

ΚΩΝΣΤΑΝΤΙΝΟΥΠΟΛΙΣ 7 Φεβρουαρίου. — Ἡ παράτασις τῆς προσωρινῆς ἐμπορικῆς συνθήκης Τουρκίας καὶ Βουλγαρίας μέχρι τῆς 18 Μαρτίου 1913 ὡρίσθη δι᾽ αὐτοκρατ. Ἰραδέ. Προσεχῶς θὰ ἀρχίσωσι μεταξὺ τῆς Υ. Πύλης καὶ τῆς βουλγαρικῆς Πρεσβείας διαπραγματεύσεις περὶ συνομολογίας σι μβάσεως ἀναφορικῶς εἰς τὸ ζήτημα τῆς ἰθαγενείας καὶ ἀμοιβαίων δικαιωμάτων προσαρτήσεως ἰδιοκτησιῶν.

«Π. Λούδ»

ΒΙΕΝΝΗ 8.—Ὁ ὑπουργὸς τῶν ἐξωτερικῶν κόμης Βέρχτολδ θὰ μεταβῇ προσεχῶς εἰς Βερολῖνον ἵνα παρουσιασθῇ εἰς τὸν αὐτοκράτορα Γουλιέλμον καὶ προσωπικῶς συνεννοηθῇ μετὰ τοῦ ἀρχιγραμματέως Μπέτμαν Χόλβεγ.

Κατόπιν θὰ μεταβῇ εἰς Ῥώμην ἵνα παρουσιασθῇ εἰς τὸν βασιλέα τῆς Ἰταλίας καὶ ἐπισκεφθῇ τὸν μαρκήσιον Σὰν Τζουλιάνοι.

Ν. Ἐλ. Τύπος.

ΒΕΡΟΛΙΝΟΝ 8 Φεβρουαρίου. — Κατὰ τηλεγραφήματα ἐκ Παρισίων καὶ ἐπὶ τῇ βάσει ἄλλων εἰδήσεων ἡ «Ἐφημερὶς τῆς Γενεύης» παρέχει εἰς τὸ συμπέρασμα ὅτι αἱ ἀγγλογερμανικαὶ διαπραγματεύσεις εἶνε ὅλως μικρᾶς σημασίας. Ἀμφότεραι αἱ κυβερνήσεις ἀντήλλαξαν γενικὰς τινας ἰδέας περὶ συμφωνιῶν ἀφορωσῶν εἰς τὴν Ἀφρικὴν μὴ ἔχουσαι σπουδαιότητα τινά. Ἀναφορικῶς εἰς τοὺς ναυτικοὺς ἐξοπλισμοὺς οὐδὲν ἀπεφασίσθη· ἡ Ἀγγλία γνωρίζει ὅτι βέβαια ἐπικρατεῖ ἡ ἰδέα ὅτι καὶ τὸ μέλλον ἐπιτάσσει νὰ περισταλῶσιν αἱ ἐξοπλίσεις ἀλλὰ μέχρι τοῦδε οὐδὲν μεῖζον ἀποτέλεσμα ἐπετεύχθη. Ὁλοσχερῶς διάφοροι εἶνε αἱ περὶ ἀποτελέσματος ἀπόψεις τῶν δύο μερῶν.

Ἡ «Βερολίνειος Ἡμερησία» δὲν θεωρεῖ ἀκριβεῖς τὰς κρίσεις ταύτας τῆς ἐφημερίδος τῆς Γενεύης. Κατὰ τὴν «Ἡμερησίαν» τὰ δύο μέρη συνεφώνησαν ὅπως μὴ ἀνακοινώσωσι περὶ τῶν διαπραγματεύσεων δημοσίᾳ προηγουμένως καὶ ὅπως αἱ τοιαῦται νὰ προβῶσι εἰς τὰς ἀνακοινώσεις.

Πεστάλος Λούδ
